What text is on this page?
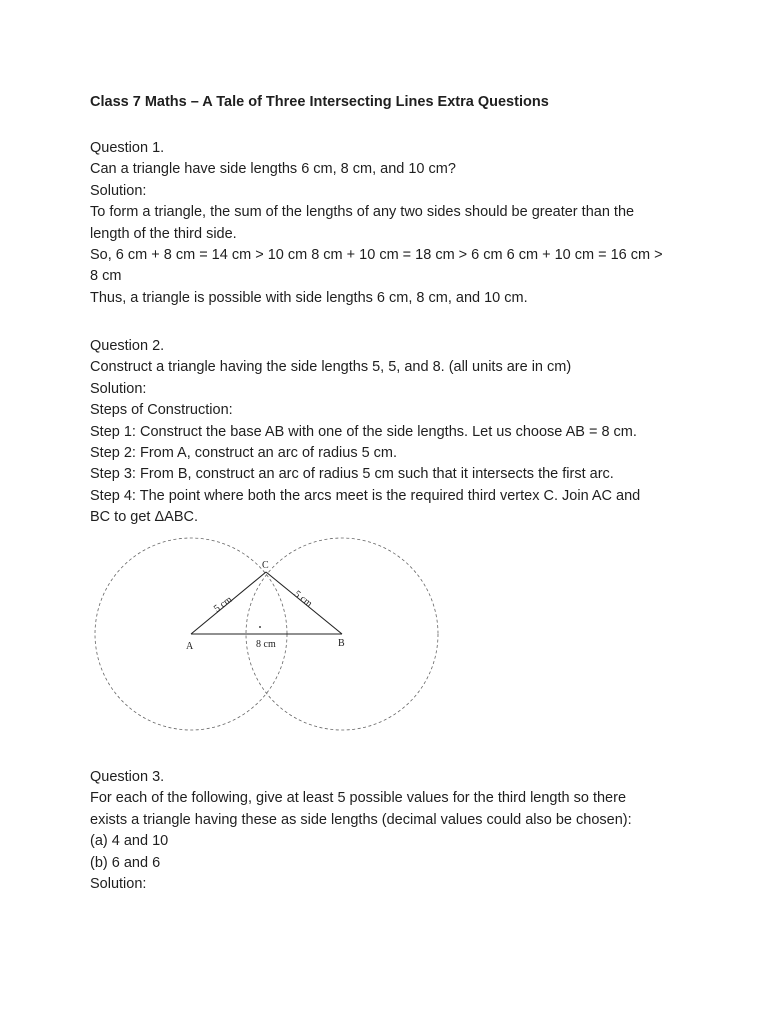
Class 7 Maths – A Tale of Three Intersecting Lines Extra Questions
Question 1.
Can a triangle have side lengths 6 cm, 8 cm, and 10 cm?
Solution:
To form a triangle, the sum of the lengths of any two sides should be greater than the
length of the third side.
So, 6 cm + 8 cm = 14 cm > 10 cm 8 cm + 10 cm = 18 cm > 6 cm 6 cm + 10 cm = 16 cm >
8 cm
Thus, a triangle is possible with side lengths 6 cm, 8 cm, and 10 cm.
Question 2.
Construct a triangle having the side lengths 5, 5, and 8. (all units are in cm)
Solution:
Steps of Construction:
Step 1: Construct the base AB with one of the side lengths. Let us choose AB = 8 cm.
Step 2: From A, construct an arc of radius 5 cm.
Step 3: From B, construct an arc of radius 5 cm such that it intersects the first arc.
Step 4: The point where both the arcs meet is the required third vertex C. Join AC and
BC to get ΔABC.
A	B
C
5 cm	5 cm
8 cm
Question 3.
For each of the following, give at least 5 possible values for the third length so there
exists a triangle having these as side lengths (decimal values could also be chosen):
(a) 4 and 10
(b) 6 and 6
Solution:
